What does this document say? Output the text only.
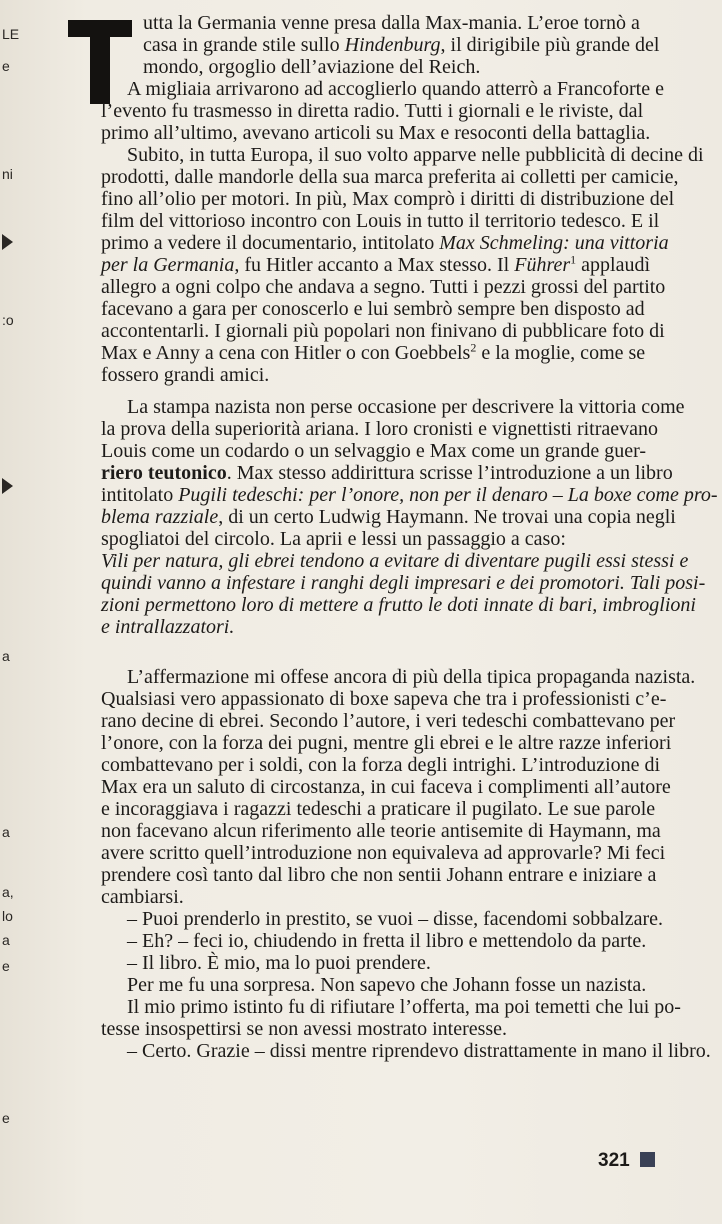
LE
e
ni
:o
a
a
a,
lo
a
e
e
utta la Germania venne presa dalla Max-mania. L’eroe tornò a
casa in grande stile sullo Hindenburg, il dirigibile più grande del
mondo, orgoglio dell’aviazione del Reich.
A migliaia arrivarono ad accoglierlo quando atterrò a Francoforte e
l’evento fu trasmesso in diretta radio. Tutti i giornali e le riviste, dal
primo all’ultimo, avevano articoli su Max e resoconti della battaglia.
Subito, in tutta Europa, il suo volto apparve nelle pubblicità di decine di
prodotti, dalle mandorle della sua marca preferita ai colletti per camicie,
fino all’olio per motori. In più, Max comprò i diritti di distribuzione del
film del vittorioso incontro con Louis in tutto il territorio tedesco. E il
primo a vedere il documentario, intitolato Max Schmeling: una vittoria
per la Germania, fu Hitler accanto a Max stesso. Il Führer$^1$ applaudì
allegro a ogni colpo che andava a segno. Tutti i pezzi grossi del partito
facevano a gara per conoscerlo e lui sembrò sempre ben disposto ad
accontentarli. I giornali più popolari non finivano di pubblicare foto di
Max e Anny a cena con Hitler o con Goebbels$^2$ e la moglie, come se
fossero grandi amici.
La stampa nazista non perse occasione per descrivere la vittoria come
la prova della superiorità ariana. I loro cronisti e vignettisti ritraevano
Louis come un codardo o un selvaggio e Max come un grande guer-
riero teutonico. Max stesso addirittura scrisse l’introduzione a un libro
intitolato Pugili tedeschi: per l’onore, non per il denaro – La boxe come pro-
blema razziale, di un certo Ludwig Haymann. Ne trovai una copia negli
spogliatoi del circolo. La aprii e lessi un passaggio a caso:
Vili per natura, gli ebrei tendono a evitare di diventare pugili essi stessi e
quindi vanno a infestare i ranghi degli impresari e dei promotori. Tali posi-
zioni permettono loro di mettere a frutto le doti innate di bari, imbroglioni
e intrallazzatori.
L’affermazione mi offese ancora di più della tipica propaganda nazista.
Qualsiasi vero appassionato di boxe sapeva che tra i professionisti c’e-
rano decine di ebrei. Secondo l’autore, i veri tedeschi combattevano per
l’onore, con la forza dei pugni, mentre gli ebrei e le altre razze inferiori
combattevano per i soldi, con la forza degli intrighi. L’introduzione di
Max era un saluto di circostanza, in cui faceva i complimenti all’autore
e incoraggiava i ragazzi tedeschi a praticare il pugilato. Le sue parole
non facevano alcun riferimento alle teorie antisemite di Haymann, ma
avere scritto quell’introduzione non equivaleva ad approvarle? Mi feci
prendere così tanto dal libro che non sentii Johann entrare e iniziare a
cambiarsi.
– Puoi prenderlo in prestito, se vuoi – disse, facendomi sobbalzare.
– Eh? – feci io, chiudendo in fretta il libro e mettendolo da parte.
– Il libro. È mio, ma lo puoi prendere.
Per me fu una sorpresa. Non sapevo che Johann fosse un nazista.
Il mio primo istinto fu di rifiutare l’offerta, ma poi temetti che lui po-
tesse insospettirsi se non avessi mostrato interesse.
– Certo. Grazie – dissi mentre riprendevo distrattamente in mano il libro.
321
